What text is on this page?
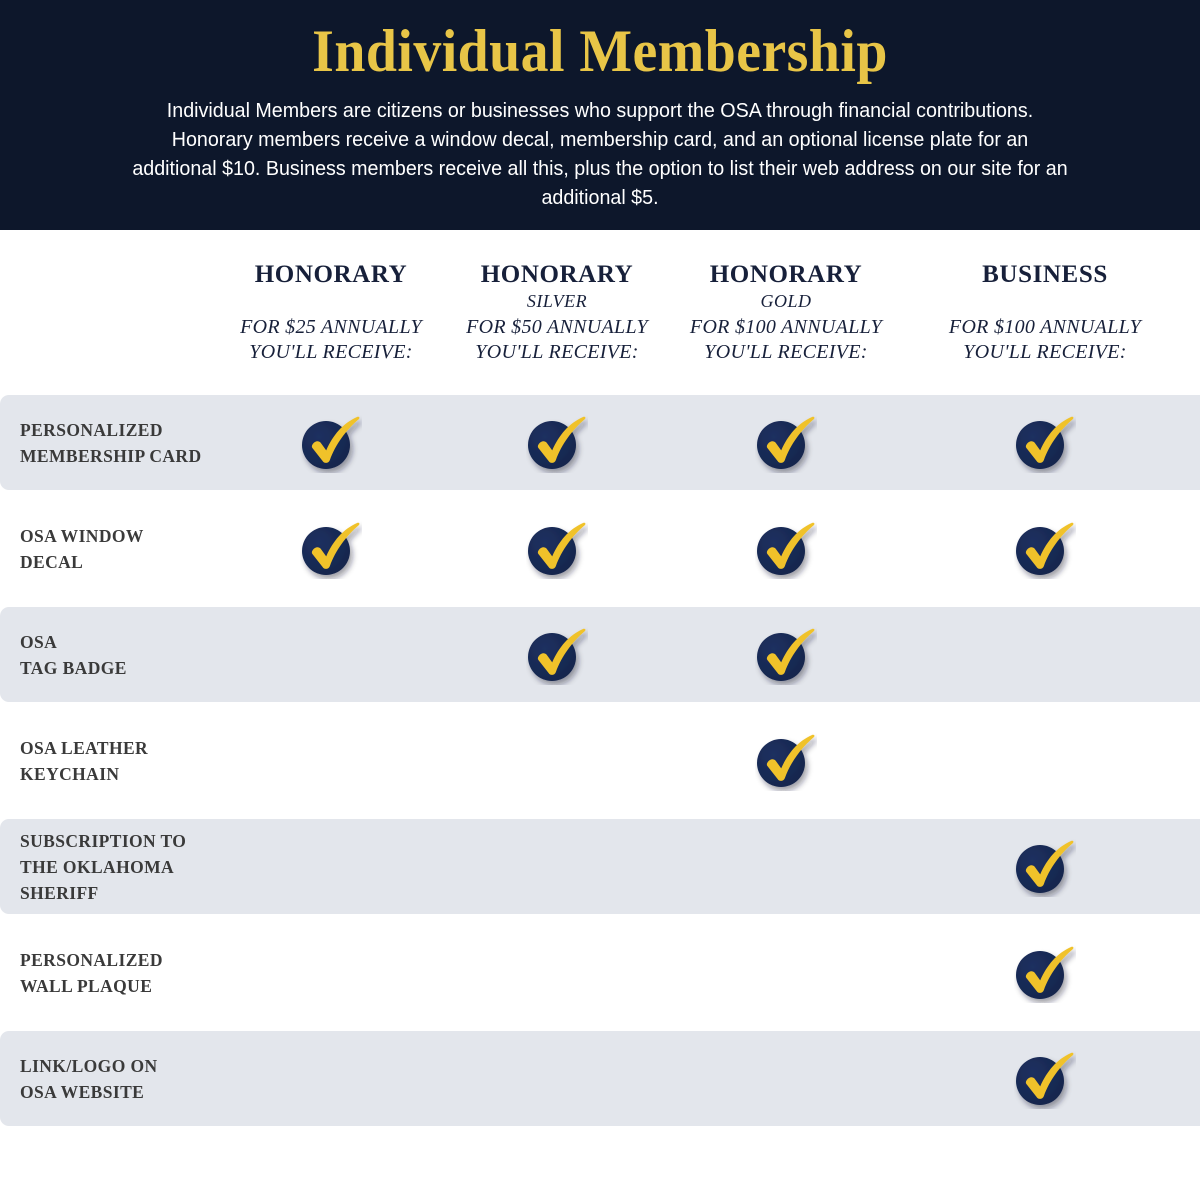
Individual Membership

Individual Members are citizens or businesses who support the OSA through financial contributions. Honorary members receive a window decal, membership card, and an optional license plate for an additional $10. Business members receive all this, plus the option to list their web address on our site for an additional $5.

HONORARY
FOR $25 ANNUALLY
YOU'LL RECEIVE:
HONORARY
SILVER
FOR $50 ANNUALLY
YOU'LL RECEIVE:
HONORARY
GOLD
FOR $100 ANNUALLY
YOU'LL RECEIVE:
BUSINESS
FOR $100 ANNUALLY
YOU'LL RECEIVE:
PERSONALIZED
MEMBERSHIP CARD
OSA WINDOW
DECAL
OSA
TAG BADGE
OSA LEATHER
KEYCHAIN
SUBSCRIPTION TO
THE OKLAHOMA
SHERIFF
PERSONALIZED
WALL PLAQUE
LINK/LOGO ON
OSA WEBSITE
